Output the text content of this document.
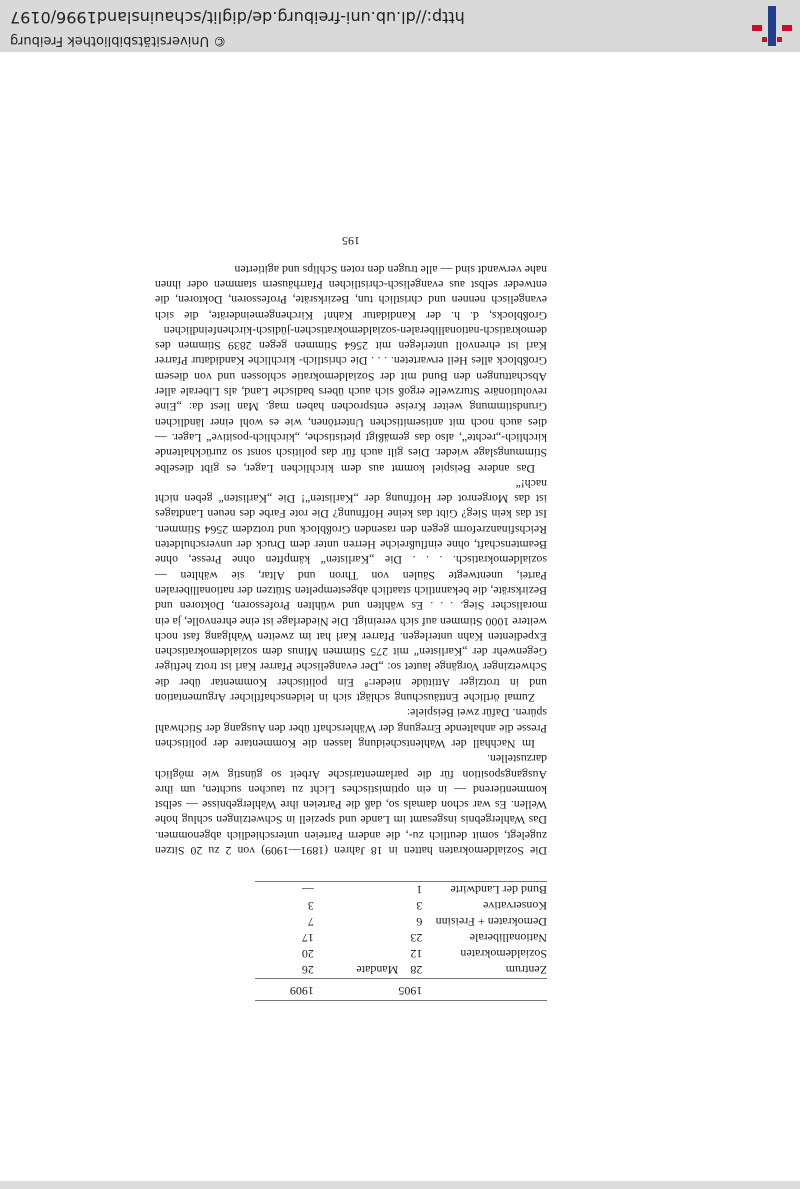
	1905		1909
Zentrum	28	Mandate	26
Sozialdemokraten	12		20
Nationalliberale	23		17
Demokraten + Freisinn	6		7
Konservative	3		3
Bund der Landwirte	1		—

Die Sozialdemokraten hatten in 18 Jahren (1891—1909) von 2 zu 20 Sitzen zugelegt, somit deutlich zu-, die andern Parteien unterschiedlich abgenommen. Das Wahlergebnis insgesamt im Lande und speziell in Schwetzingen schlug hohe Wellen. Es war schon damals so, daß die Parteien ihre Wahlergebnisse — selbst kommentierend — in ein optimistisches Licht zu tauchen suchten, um ihre Ausgangsposition für die parlamentarische Arbeit so günstig wie möglich darzustellen.

Im Nachhall der Wahlentscheidung lassen die Kommentare der politischen Presse die anhaltende Erregung der Wählerschaft über den Ausgang der Stichwahl spüren. Dafür zwei Beispiele:

Zumal örtliche Enttäuschung schlägt sich in leidenschaftlicher Argumentation und in trotziger Attitüde nieder:⁸ Ein politischer Kommentar über die Schwetzinger Vorgänge lautet so: „Der evangelische Pfarrer Karl ist trotz heftiger Gegenwehr der „Karlisten“ mit 275 Stimmen Minus dem sozialdemokratischen Expedienten Kahn unterlegen. Pfarrer Karl hat im zweiten Wahlgang fast noch weitere 1000 Stimmen auf sich vereinigt. Die Niederlage ist eine ehrenvolle, ja ein moralischer Sieg. . . . Es wählten und wühlten Professoren, Doktoren und Bezirksräte, die bekanntlich staatlich abgestempelten Stützen der nationalliberalen Partei, unentwegte Säulen von Thron und Altar, sie wählten — sozialdemokratisch. . . . Die „Karlisten“ kämpften ohne Presse, ohne Beamtenschaft, ohne einflußreiche Herren unter dem Druck der unverschuldeten Reichsfinanzreform gegen den rasenden Großblock und trotzdem 2564 Stimmen. Ist das kein Sieg? Gibt das keine Hoffnung? Die rote Farbe des neuen Landtages ist das Morgenrot der Hoffnung der „Karlisten“! Die „Karlisten“ geben nicht nach!“

Das andere Beispiel kommt aus dem kirchlichen Lager, es gibt dieselbe Stimmungslage wieder. Dies gilt auch für das politisch sonst so zurückhaltende kirchlich-„rechte“, also das gemäßigt pietistische, „kirchlich-positive“ Lager. — dies auch noch mit antisemitischen Untertönen, wie es wohl einer ländlichen Grundstimmung weiter Kreise entsprochen haben mag. Man liest da: „Eine revolutionäre Sturzwelle ergoß sich auch übers badische Land, als Liberale aller Abschattungen den Bund mit der Sozialdemokratie schlossen und von diesem Großblock alles Heil erwarteten. . . . Die christlich- kirchliche Kandidatur Pfarrer Karl ist ehrenvoll unterlegen mit 2564 Stimmen gegen 2839 Stimmen des demokratisch-nationalliberalen-sozialdemokratischen-jüdisch-kirchenfeindlichen Großblocks, d. h. der Kandidatur Kahn! Kirchengemeinderäte, die sich evangelisch nennen und christlich tun, Bezirksräte, Professoren, Doktoren, die entweder selbst aus evangelisch-christlichen Pfarrhäusern stammen oder ihnen nahe verwandt sind — alle trugen den roten Schlips und agitierten

195
© Universitätsbibliothek Freiburg
http://dl.ub.uni-freiburg.de/diglit/schauinsland1996/0197
